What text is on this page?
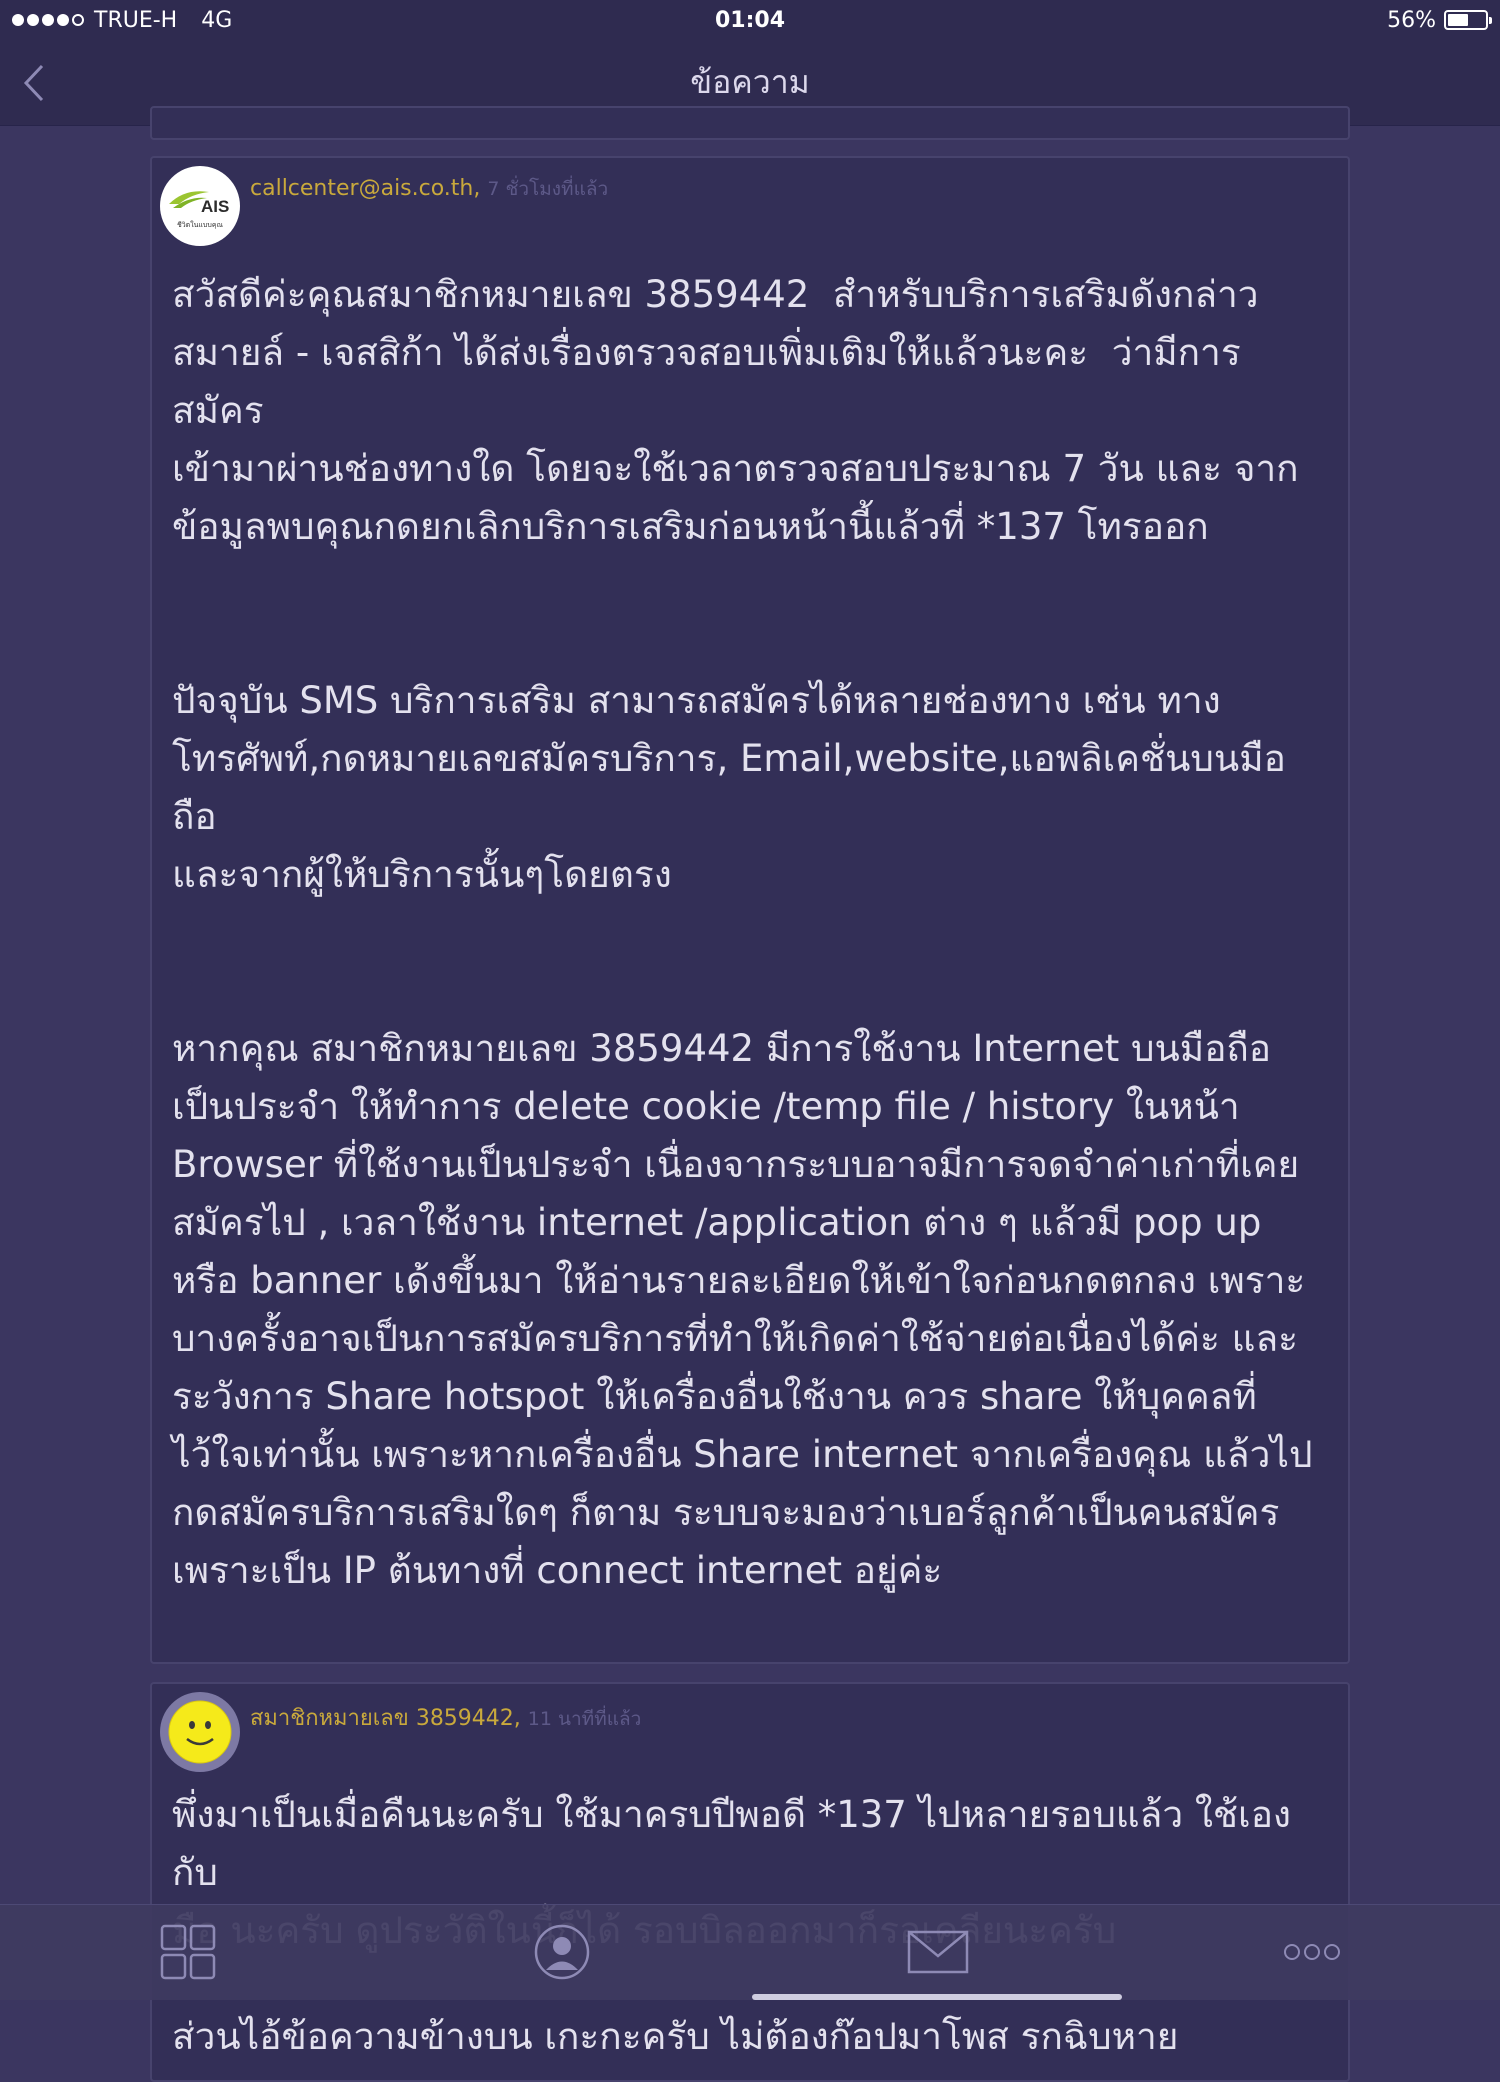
TRUE-H 4G	01:04	56%
ข้อความ
AIS
ชีวิตในแบบคุณ
callcenter@ais.co.th, 7 ชั่วโมงที่แล้ว
สวัสดีค่ะคุณสมาชิกหมายเลข 3859442  สำหรับบริการเสริมดังกล่าว
สมายล์ - เจสสิก้า ได้ส่งเรื่องตรวจสอบเพิ่มเติมให้แล้วนะคะ  ว่ามีการสมัคร
เข้ามาผ่านช่องทางใด โดยจะใช้เวลาตรวจสอบประมาณ 7 วัน และ จาก
ข้อมูลพบคุณกดยกเลิกบริการเสริมก่อนหน้านี้แล้วที่ *137 โทรออก
ปัจจุบัน SMS บริการเสริม สามารถสมัครได้หลายช่องทาง เช่น ทาง
โทรศัพท์,กดหมายเลขสมัครบริการ, Email,website,แอพลิเคชั่นบนมือถือ
และจากผู้ให้บริการนั้นๆโดยตรง
หากคุณ สมาชิกหมายเลข 3859442 มีการใช้งาน Internet บนมือถือ
เป็นประจำ ให้ทำการ delete cookie /temp file / history ในหน้า
Browser ที่ใช้งานเป็นประจำ เนื่องจากระบบอาจมีการจดจำค่าเก่าที่เคย
สมัครไป , เวลาใช้งาน internet /application ต่าง ๆ แล้วมี pop up
หรือ banner เด้งขึ้นมา ให้อ่านรายละเอียดให้เข้าใจก่อนกดตกลง เพราะ
บางครั้งอาจเป็นการสมัครบริการที่ทำให้เกิดค่าใช้จ่ายต่อเนื่องได้ค่ะ และ
ระวังการ Share hotspot ให้เครื่องอื่นใช้งาน ควร share ให้บุคคลที่
ไว้ใจเท่านั้น เพราะหากเครื่องอื่น Share internet จากเครื่องคุณ แล้วไป
กดสมัครบริการเสริมใดๆ ก็ตาม ระบบจะมองว่าเบอร์ลูกค้าเป็นคนสมัคร
เพราะเป็น IP ต้นทางที่ connect internet อยู่ค่ะ
สมาชิกหมายเลข 3859442, 11 นาทีที่แล้ว
พึ่งมาเป็นเมื่อคืนนะครับ ใช้มาครบปีพอดี *137 ไปหลายรอบแล้ว ใช้เองกับ

ส่วนไอ้ข้อความข้างบน เกะกะครับ ไม่ต้องก๊อปมาโพส รกฉิบหาย
